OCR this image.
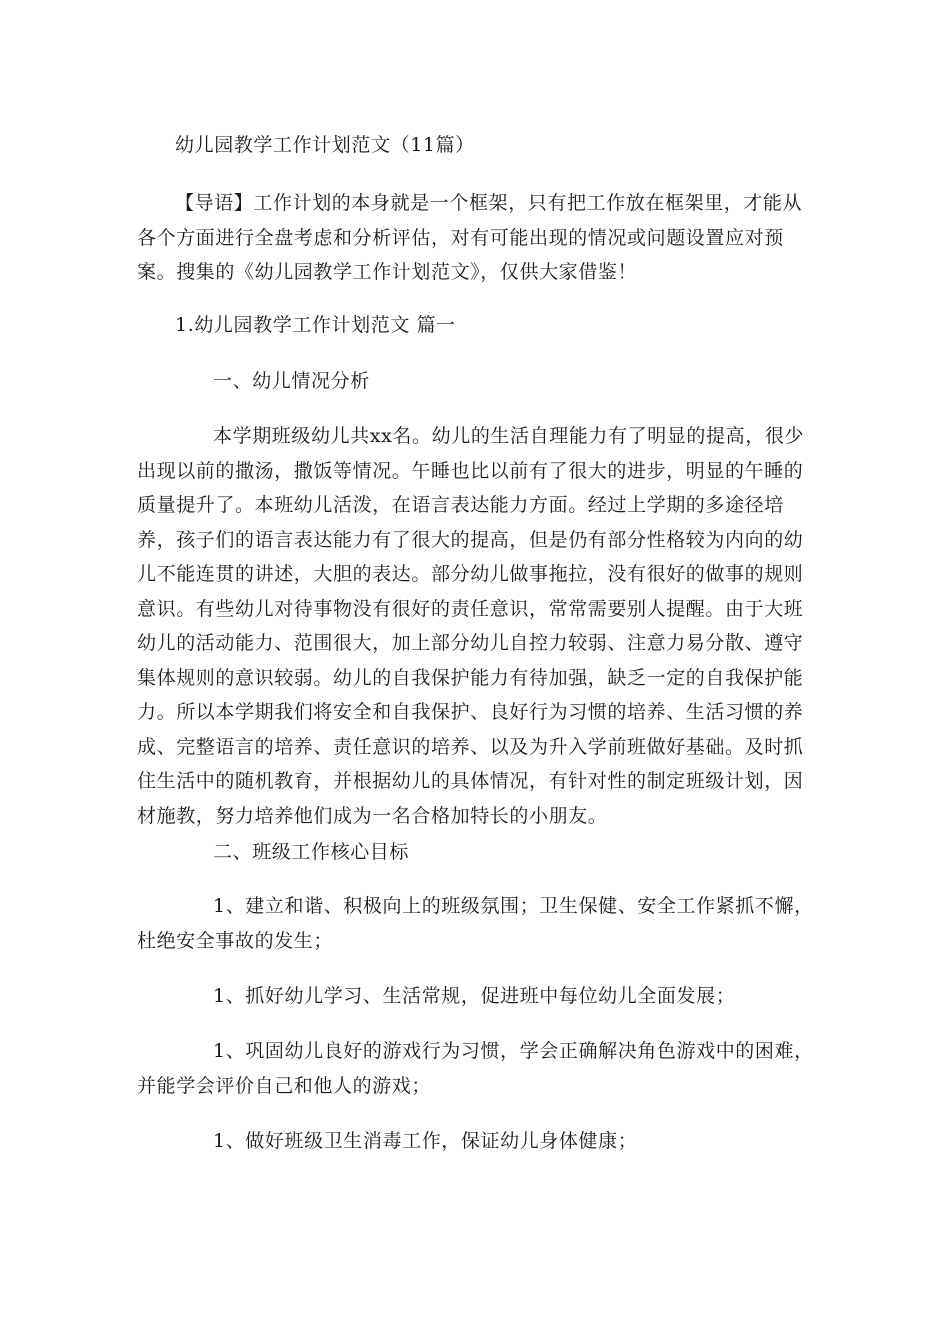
幼儿园教学工作计划范文（11篇）

【导语】工作计划的本身就是一个框架，只有把工作放在框架里，才能从各个方面进行全盘考虑和分析评估，对有可能出现的情况或问题设置应对预案。搜集的《幼儿园教学工作计划范文》，仅供大家借鉴！

1.幼儿园教学工作计划范文 篇一

一、幼儿情况分析

本学期班级幼儿共xx名。幼儿的生活自理能力有了明显的提高，很少出现以前的撒汤，撒饭等情况。午睡也比以前有了很大的进步，明显的午睡的质量提升了。本班幼儿活泼，在语言表达能力方面。经过上学期的多途径培养，孩子们的语言表达能力有了很大的提高，但是仍有部分性格较为内向的幼儿不能连贯的讲述，大胆的表达。部分幼儿做事拖拉，没有很好的做事的规则意识。有些幼儿对待事物没有很好的责任意识，常常需要别人提醒。由于大班幼儿的活动能力、范围很大，加上部分幼儿自控力较弱、注意力易分散、遵守集体规则的意识较弱。幼儿的自我保护能力有待加强，缺乏一定的自我保护能力。所以本学期我们将安全和自我保护、良好行为习惯的培养、生活习惯的养成、完整语言的培养、责任意识的培养、以及为升入学前班做好基础。及时抓住生活中的随机教育，并根据幼儿的具体情况，有针对性的制定班级计划，因材施教，努力培养他们成为一名合格加特长的小朋友。

二、班级工作核心目标

1、建立和谐、积极向上的班级氛围；卫生保健、安全工作紧抓不懈，杜绝安全事故的发生；

1、抓好幼儿学习、生活常规，促进班中每位幼儿全面发展；

1、巩固幼儿良好的游戏行为习惯，学会正确解决角色游戏中的困难，并能学会评价自己和他人的游戏；

1、做好班级卫生消毒工作，保证幼儿身体健康；
